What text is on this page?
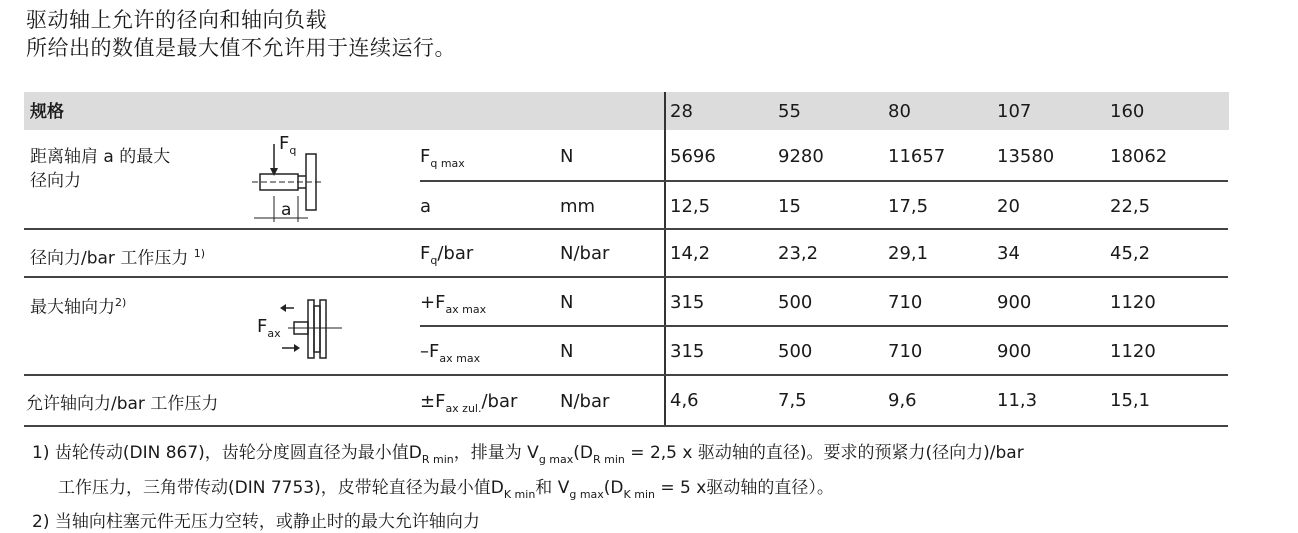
驱动轴上允许的径向和轴向负载
所给出的数值是最大值不允许用于连续运行。
规格	28	55	80	107	160
距离轴肩 a 的最大
径向力
$F_q$
a
$F_{q max}$	N	5696	9280	11657	13580	18062
a	mm	12,5	15	17,5	20	22,5
径向力/bar 工作压力 $^{1)}$	$F_q$/bar	N/bar	14,2	23,2	29,1	34	45,2
最大轴向力$^{2)}$
$F_{ax}$
$+F_{ax max}$	N	315	500	710	900	1120
$-F_{ax max}$	N	315	500	710	900	1120
允许轴向力/bar 工作压力	$\pm F_{ax zul.}$/bar N/bar	4,6	7,5	9,6	11,3	15,1
1) 齿轮传动(DIN 867)，齿轮分度圆直径为最小值$D_{R min}$，排量为 $V_{g max}(D_{R min} = 2,5$ x 驱动轴的直径)。要求的预紧力(径向力)/bar
工作压力，三角带传动(DIN 7753)，皮带轮直径为最小值$D_{K min}$和 $V_{g max}(D_{K min} = 5$ x驱动轴的直径）。
2) 当轴向柱塞元件无压力空转，或静止时的最大允许轴向力
